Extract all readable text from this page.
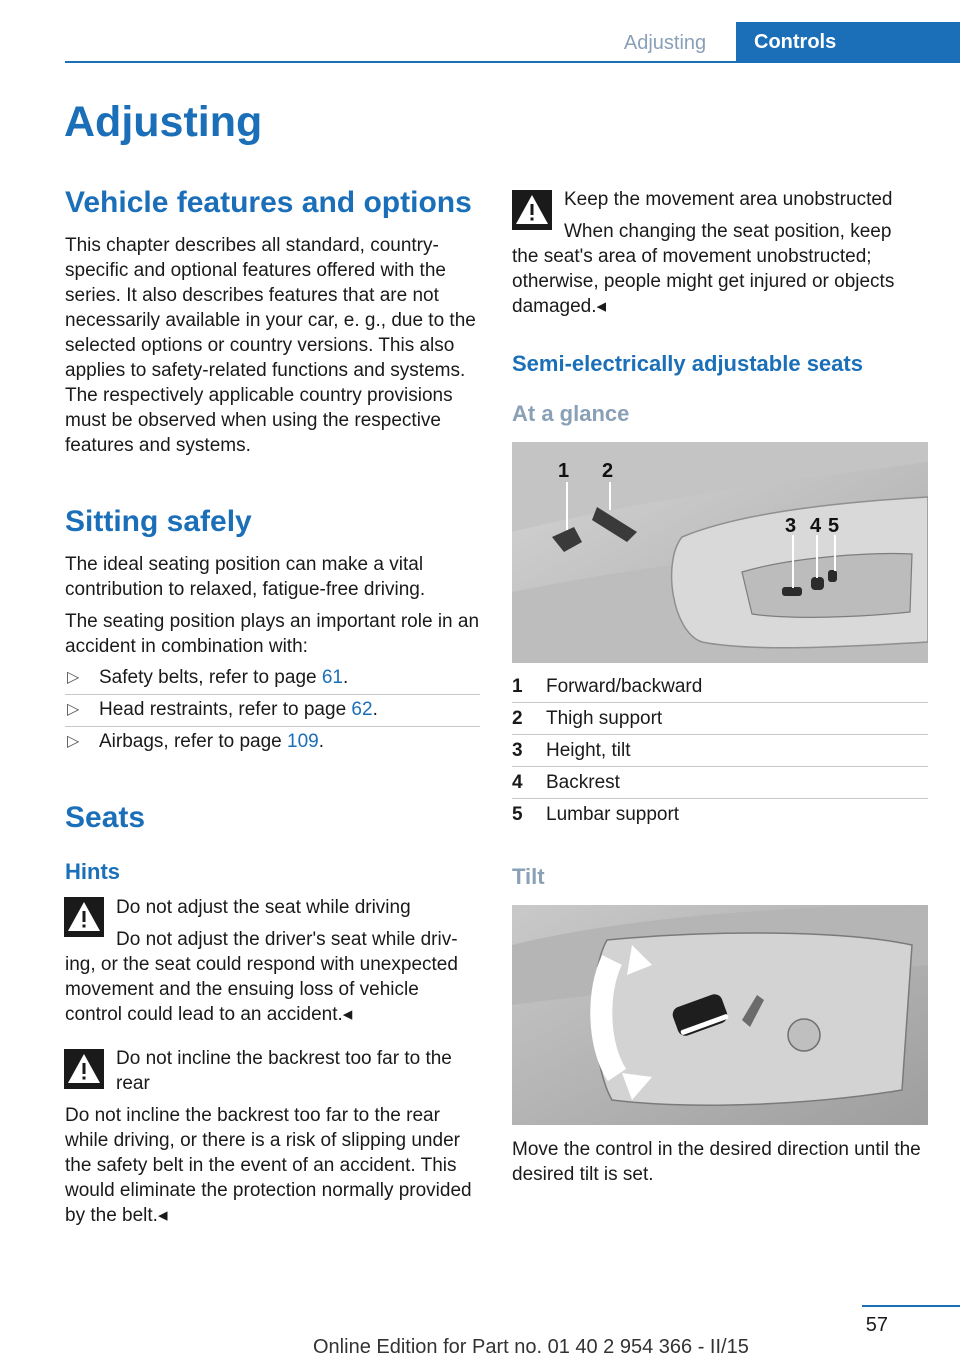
Adjusting	Controls
Adjusting
Vehicle features and options
This chapter describes all standard, country-specific and optional features offered with the series. It also describes features that are not necessarily available in your car, e. g., due to the selected options or country versions. This also applies to safety-related functions and systems. The respectively applicable country provisions must be observed when using the respective features and systems.
Sitting safely
The ideal seating position can make a vital contribution to relaxed, fatigue-free driving.
The seating position plays an important role in an accident in combination with:
▷ Safety belts, refer to page 61.
▷ Head restraints, refer to page 62.
▷ Airbags, refer to page 109.
Seats
Hints
Do not adjust the seat while driving
Do not adjust the driver's seat while driv-
ing, or the seat could respond with unexpected movement and the ensuing loss of vehicle control could lead to an accident.◂
Do not incline the backrest too far to the rear
Do not incline the backrest too far to the rear while driving, or there is a risk of slipping under the safety belt in the event of an accident. This would eliminate the protection normally provided by the belt.◂
Keep the movement area unobstructed
When changing the seat position, keep
the seat's area of movement unobstructed; otherwise, people might get injured or objects damaged.◂
Semi-electrically adjustable seats
At a glance
1 2
3 4 5
1 Forward/backward
2 Thigh support
3 Height, tilt
4 Backrest
5 Lumbar support
Tilt
Move the control in the desired direction until the desired tilt is set.
57
Online Edition for Part no. 01 40 2 954 366 - II/15
